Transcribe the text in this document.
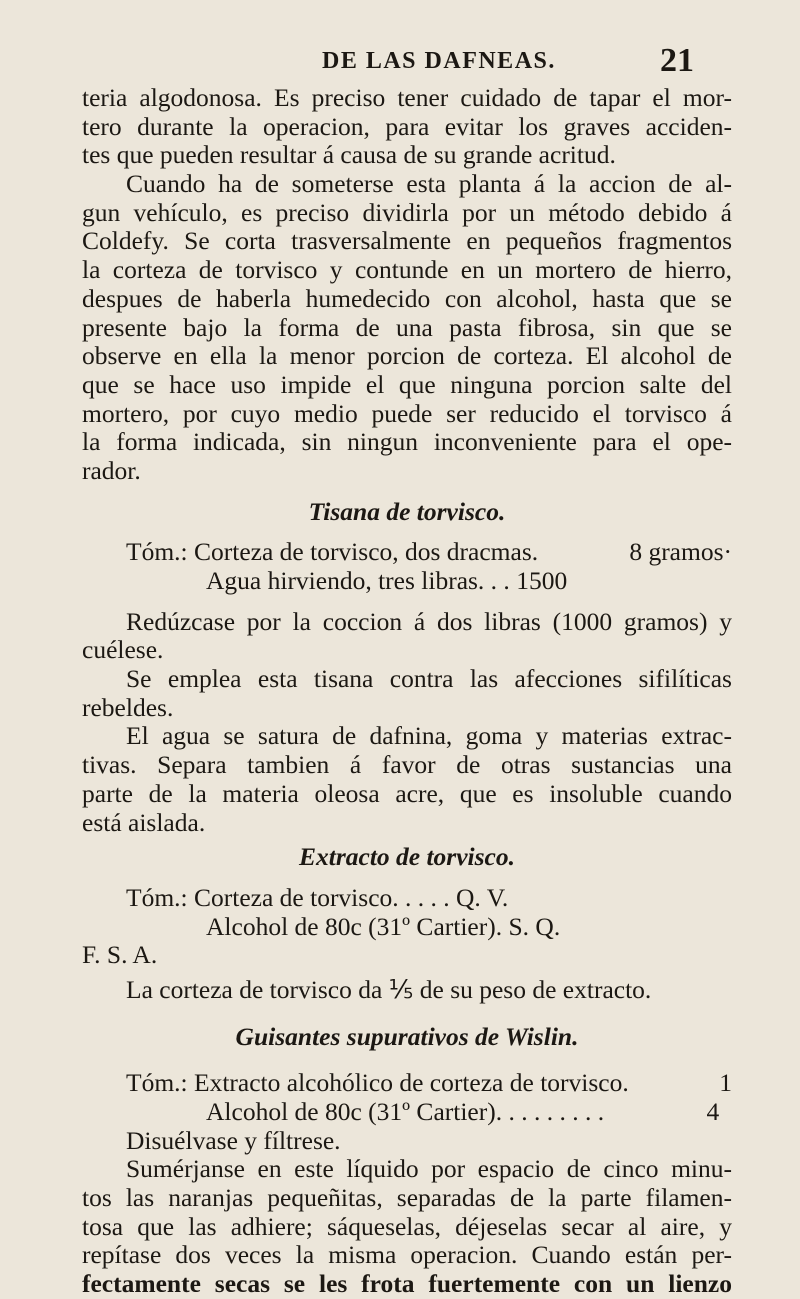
DE LAS DAFNEAS.	21
teria algodonosa. Es preciso tener cuidado de tapar el mor-
tero durante la operacion, para evitar los graves acciden-
tes que pueden resultar á causa de su grande acritud.
Cuando ha de someterse esta planta á la accion de al-
gun vehículo, es preciso dividirla por un método debido á
Coldefy. Se corta trasversalmente en pequeños fragmentos
la corteza de torvisco y contunde en un mortero de hierro,
despues de haberla humedecido con alcohol, hasta que se
presente bajo la forma de una pasta fibrosa, sin que se
observe en ella la menor porcion de corteza. El alcohol de
que se hace uso impide el que ninguna porcion salte del
mortero, por cuyo medio puede ser reducido el torvisco á
la forma indicada, sin ningun inconveniente para el ope-
rador.
Tisana de torvisco.
Tóm.: Corteza de torvisco, dos dracmas.	8 gramos·
Agua hirviendo, tres libras. . . 1500
Redúzcase por la coccion á dos libras (1000 gramos) y
cuélese.
Se emplea esta tisana contra las afecciones sifilíticas
rebeldes.
El agua se satura de dafnina, goma y materias extrac-
tivas. Separa tambien á favor de otras sustancias una
parte de la materia oleosa acre, que es insoluble cuando
está aislada.
Extracto de torvisco.
Tóm.: Corteza de torvisco. . . . . Q. V.
Alcohol de 80c (31º Cartier). S. Q.
F. S. A.
La corteza de torvisco da ⅕ de su peso de extracto.
Guisantes supurativos de Wislin.
Tóm.: Extracto alcohólico de corteza de torvisco.	1
Alcohol de 80c (31º Cartier). . . . . . . . .	4
Disuélvase y fíltrese.
Sumérjanse en este líquido por espacio de cinco minu-
tos las naranjas pequeñitas, separadas de la parte filamen-
tosa que las adhiere; sáqueselas, déjeselas secar al aire, y
repítase dos veces la misma operacion. Cuando están per-
fectamente secas se les frota fuertemente con un lienzo
